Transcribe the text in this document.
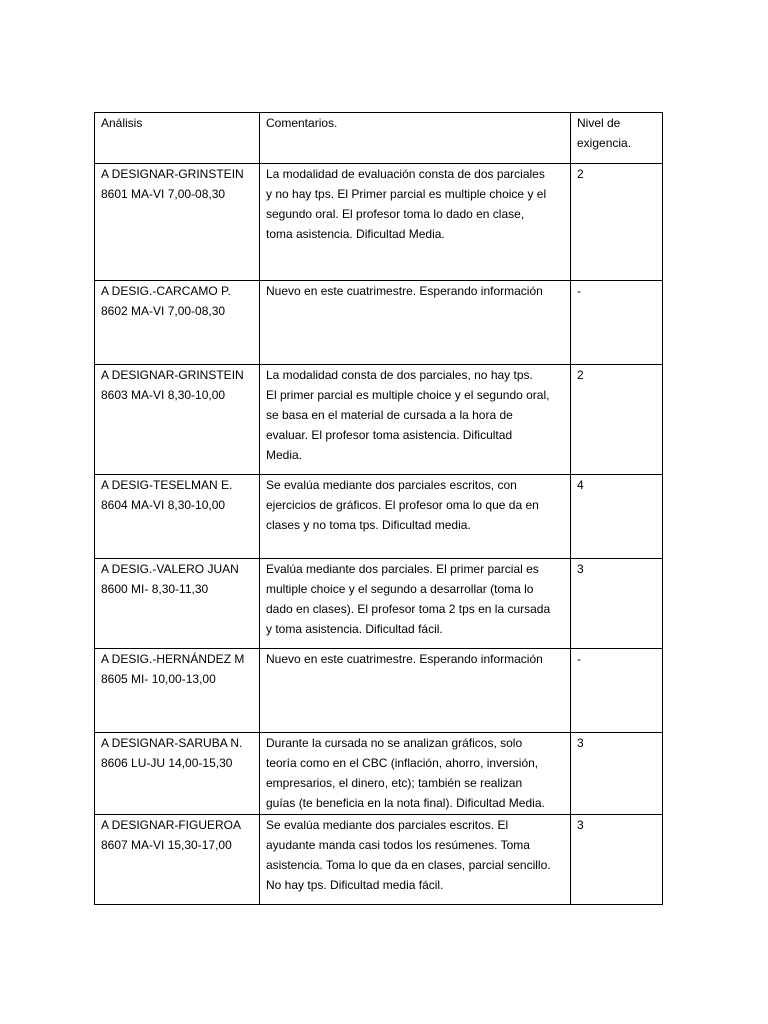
Análisis	Comentarios.	Nivel de
exigencia.

A DESIGNAR-GRINSTEIN
8601 MA-VI 7,00-08,30	La modalidad de evaluación consta de dos parciales
y no hay tps. El Primer parcial es multiple choice y el
segundo oral. El profesor toma lo dado en clase,
toma asistencia. Dificultad Media.	2

A DESIG.-CARCAMO P.
8602 MA-VI 7,00-08,30	Nuevo en este cuatrimestre. Esperando información	-

A DESIGNAR-GRINSTEIN
8603 MA-VI 8,30-10,00	La modalidad consta de dos parciales, no hay tps.
El primer parcial es multiple choice y el segundo oral,
se basa en el material de cursada a la hora de
evaluar. El profesor toma asistencia. Dificultad
Media.	2

A DESIG-TESELMAN E.
8604 MA-VI 8,30-10,00	Se evalúa mediante dos parciales escritos, con
ejercicios de gráficos. El profesor oma lo que da en
clases y no toma tps. Dificultad media.	4

A DESIG.-VALERO JUAN
8600 MI- 8,30-11,30	Evalúa mediante dos parciales. El primer parcial es
multiple choice y el segundo a desarrollar (toma lo
dado en clases). El profesor toma 2 tps en la cursada
y toma asistencia. Dificultad fácil.	3

A DESIG.-HERNÁNDEZ M
8605 MI- 10,00-13,00	Nuevo en este cuatrimestre. Esperando información	-

A DESIGNAR-SARUBA N.
8606 LU-JU 14,00-15,30	Durante la cursada no se analizan gráficos, solo
teoría como en el CBC (inflación, ahorro, inversión,
empresarios, el dinero, etc); también se realizan
guías (te beneficia en la nota final). Dificultad Media.	3

A DESIGNAR-FIGUEROA
8607 MA-VI 15,30-17,00	Se evalúa mediante dos parciales escritos. El
ayudante manda casi todos los resúmenes. Toma
asistencia. Toma lo que da en clases, parcial sencillo.
No hay tps. Dificultad media fácil.	3
